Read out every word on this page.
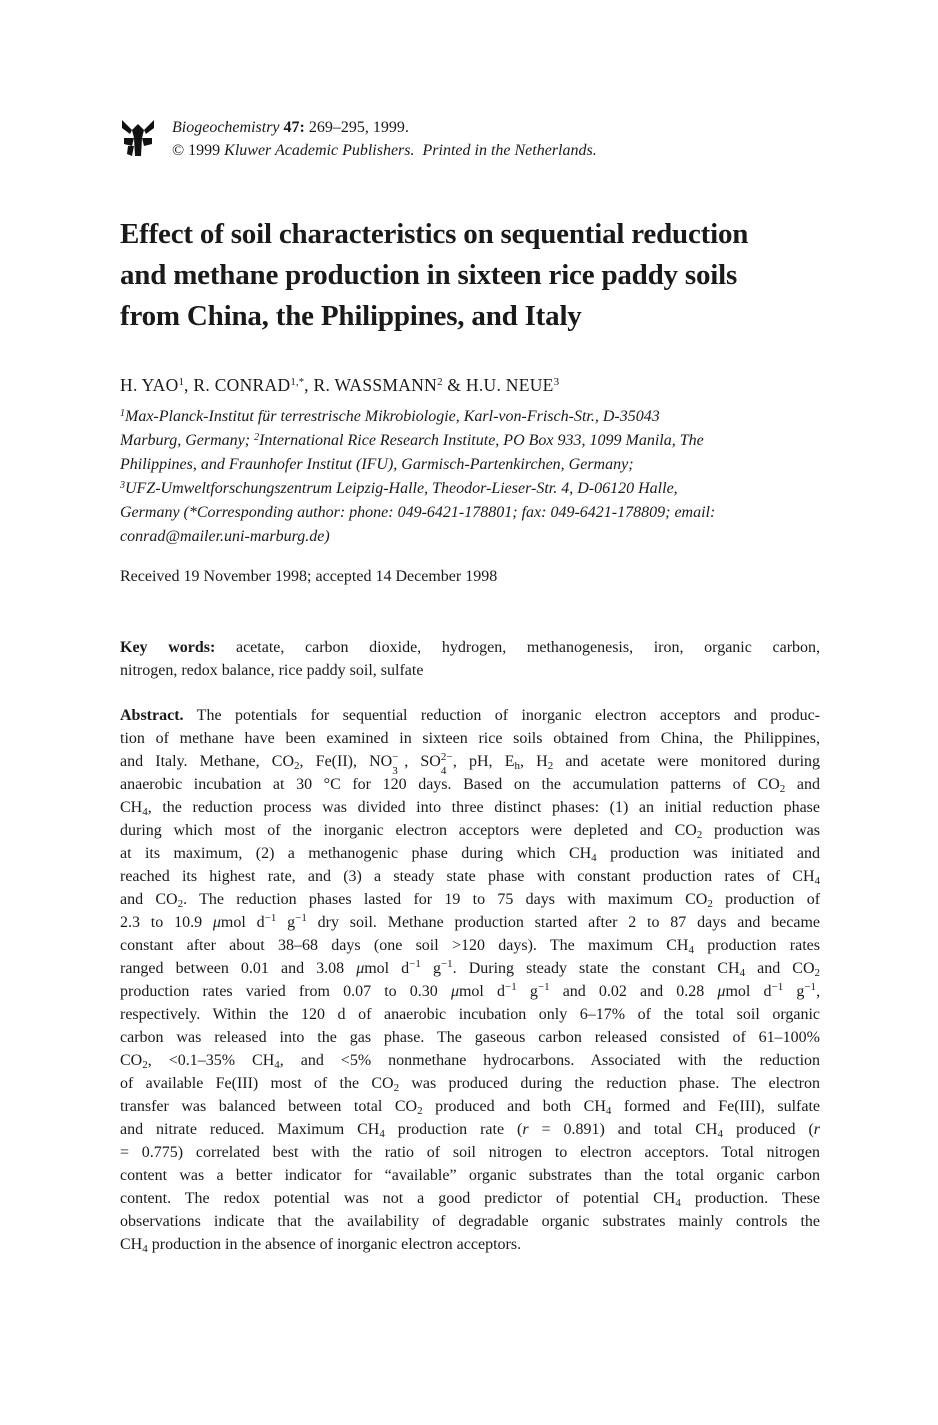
Biogeochemistry 47: 269–295, 1999.
© 1999 Kluwer Academic Publishers. Printed in the Netherlands.
Effect of soil characteristics on sequential reduction
and methane production in sixteen rice paddy soils
from China, the Philippines, and Italy
H. YAO$^1$, R. $CONRAD^{1,*}$, R. WASSMANN$^2$ & H.U. NEUE$^3$
$^1$Max-Planck-Institut für terrestrische Mikrobiologie, Karl-von-Frisch-Str., D-35043
Marburg, Germany; $^2$International Rice Research Institute, PO Box 933, 1099 Manila, The
Philippines, and Fraunhofer Institut (IFU), Garmisch-Partenkirchen, Germany;
$^3$UFZ-Umweltforschungszentrum Leipzig-Halle, Theodor-Lieser-Str. 4, D-06120 Halle,
Germany (*Corresponding author: phone: 049-6421-178801; fax: 049-6421-178809; email:
conrad@mailer.uni-marburg.de)
Received 19 November 1998; accepted 14 December 1998
Key words: acetate, carbon dioxide, hydrogen, methanogenesis, iron, organic carbon,
nitrogen, redox balance, rice paddy soil, sulfate
Abstract. The potentials for sequential reduction of inorganic electron acceptors and produc-
tion of methane have been examined in sixteen rice soils obtained from China, the Philippines,
and Italy. Methane, $CO_2$, Fe(II), NO −
3
, SO 2−
4
, pH, $E_h$, $H_2$ and acetate were monitored during
anaerobic incubation at 30 °C for 120 days. Based on the accumulation patterns of $CO_2$ and
$CH_4$, the reduction process was divided into three distinct phases: (1) an initial reduction phase
during which most of the inorganic electron acceptors were depleted and $CO_2$ production was
at its maximum, (2) a methanogenic phase during which $CH_4$ production was initiated and
reached its highest rate, and (3) a steady state phase with constant production rates of $CH_4$
and $CO_2$. The reduction phases lasted for 19 to 75 days with maximum $CO_2$ production of
2.3 to 10.9 μmol $d^{-1}$ $g^{-1}$ dry soil. Methane production started after 2 to 87 days and became
constant after about 38–68 days (one soil >120 days). The maximum $CH_4$ production rates
ranged between 0.01 and 3.08 μmol $d^{-1}$ $g^{-1}$. During steady state the constant $CH_4$ and $CO_2$
production rates varied from 0.07 to 0.30 μmol $d^{-1}$ $g^{-1}$ and 0.02 and 0.28 μmol $d^{-1}$ $g^{-1}$,
respectively. Within the 120 d of anaerobic incubation only 6–17% of the total soil organic
carbon was released into the gas phase. The gaseous carbon released consisted of 61–100%
$CO_2$, <0.1–35% $CH_4$, and <5% nonmethane hydrocarbons. Associated with the reduction
of available Fe(III) most of the $CO_2$ was produced during the reduction phase. The electron
transfer was balanced between total $CO_2$ produced and both $CH_4$ formed and Fe(III), sulfate
and nitrate reduced. Maximum $CH_4$ production rate (r = 0.891) and total $CH_4$ produced (r
= 0.775) correlated best with the ratio of soil nitrogen to electron acceptors. Total nitrogen
content was a better indicator for “available” organic substrates than the total organic carbon
content. The redox potential was not a good predictor of potential $CH_4$ production. These
observations indicate that the availability of degradable organic substrates mainly controls the
$CH_4$ production in the absence of inorganic electron acceptors.
